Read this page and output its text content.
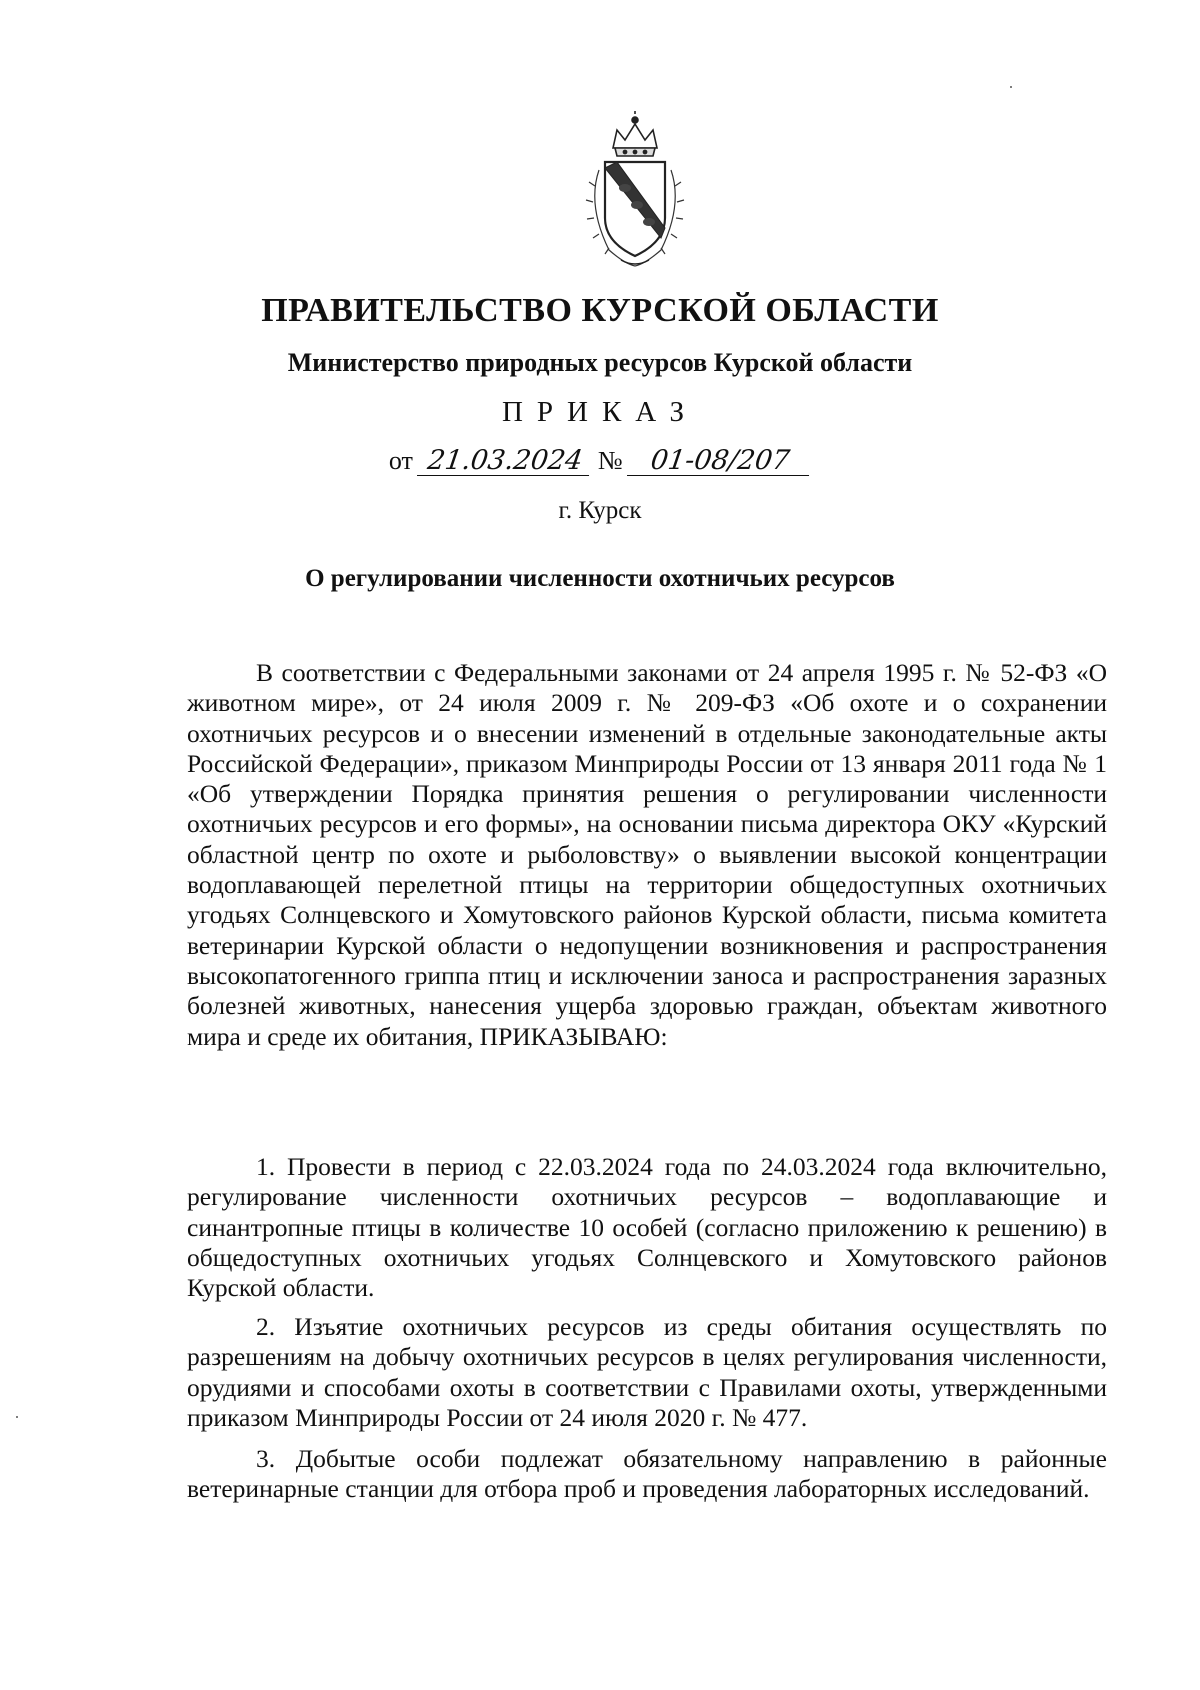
ПРАВИТЕЛЬСТВО КУРСКОЙ ОБЛАСТИ
Министерство природных ресурсов Курской области
ПРИКАЗ
от 21.03.2024 № 01-08/207
г. Курск
О регулировании численности охотничьих ресурсов

В соответствии с Федеральными законами от 24 апреля 1995 г. № 52-ФЗ «О животном мире», от 24 июля 2009 г. № 209-ФЗ «Об охоте и о сохранении охотничьих ресурсов и о внесении изменений в отдельные законодательные акты Российской Федерации», приказом Минприроды России от 13 января 2011 года № 1 «Об утверждении Порядка принятия решения о регулировании численности охотничьих ресурсов и его формы», на основании письма директора ОКУ «Курский областной центр по охоте и рыболовству» о выявлении высокой концентрации водоплавающей перелетной птицы на территории общедоступных охотничьих угодьях Солнцевского и Хомутовского районов Курской области, письма комитета ветеринарии Курской области о недопущении возникновения и распространения высокопатогенного гриппа птиц и исключении заноса и распространения заразных болезней животных, нанесения ущерба здоровью граждан, объектам животного мира и среде их обитания, ПРИКАЗЫВАЮ:

1. Провести в период с 22.03.2024 года по 24.03.2024 года включительно, регулирование численности охотничьих ресурсов – водоплавающие и синантропные птицы в количестве 10 особей (согласно приложению к решению) в общедоступных охотничьих угодьях Солнцевского и Хомутовского районов Курской области.

2. Изъятие охотничьих ресурсов из среды обитания осуществлять по разрешениям на добычу охотничьих ресурсов в целях регулирования численности, орудиями и способами охоты в соответствии с Правилами охоты, утвержденными приказом Минприроды России от 24 июля 2020 г. № 477.

3. Добытые особи подлежат обязательному направлению в районные ветеринарные станции для отбора проб и проведения лабораторных исследований.
